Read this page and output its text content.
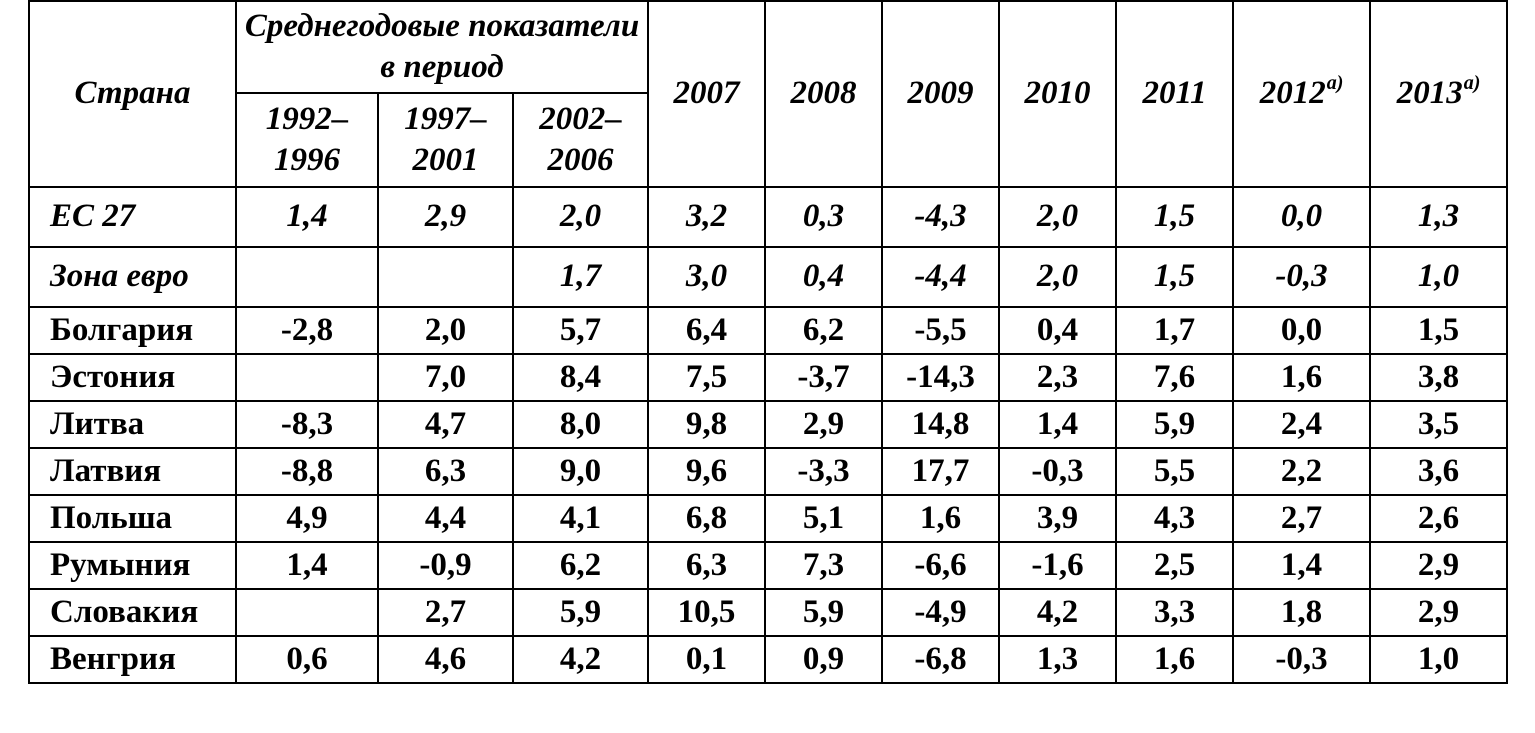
Страна	Среднегодовые показатели в период			2007	2008	2009	2010	2011	2012$^{а)}$	2013$^{а)}$
	1992–1996	1997–2001	2002–2006							
ЕС 27	1,4	2,9	2,0	3,2	0,3	-4,3	2,0	1,5	0,0	1,3
Зона евро			1,7	3,0	0,4	-4,4	2,0	1,5	-0,3	1,0
Болгария	-2,8	2,0	5,7	6,4	6,2	-5,5	0,4	1,7	0,0	1,5
Эстония		7,0	8,4	7,5	-3,7	-14,3	2,3	7,6	1,6	3,8
Литва	-8,3	4,7	8,0	9,8	2,9	14,8	1,4	5,9	2,4	3,5
Латвия	-8,8	6,3	9,0	9,6	-3,3	17,7	-0,3	5,5	2,2	3,6
Польша	4,9	4,4	4,1	6,8	5,1	1,6	3,9	4,3	2,7	2,6
Румыния	1,4	-0,9	6,2	6,3	7,3	-6,6	-1,6	2,5	1,4	2,9
Словакия		2,7	5,9	10,5	5,9	-4,9	4,2	3,3	1,8	2,9
Венгрия	0,6	4,6	4,2	0,1	0,9	-6,8	1,3	1,6	-0,3	1,0
